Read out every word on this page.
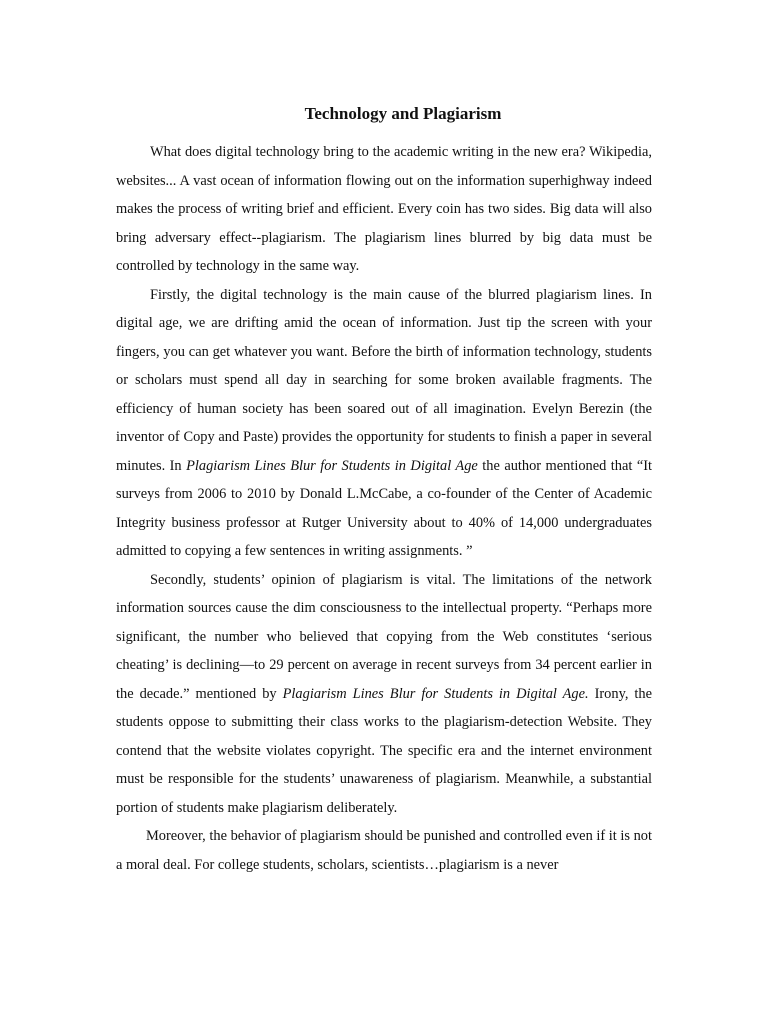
Technology and Plagiarism

What does digital technology bring to the academic writing in the new era? Wikipedia, websites... A vast ocean of information flowing out on the information superhighway indeed makes the process of writing brief and efficient. Every coin has two sides. Big data will also bring adversary effect--plagiarism. The plagiarism lines blurred by big data must be controlled by technology in the same way.

Firstly, the digital technology is the main cause of the blurred plagiarism lines. In digital age, we are drifting amid the ocean of information. Just tip the screen with your fingers, you can get whatever you want. Before the birth of information technology, students or scholars must spend all day in searching for some broken available fragments. The efficiency of human society has been soared out of all imagination. Evelyn Berezin (the inventor of Copy and Paste) provides the opportunity for students to finish a paper in several minutes. In Plagiarism Lines Blur for Students in Digital Age the author mentioned that “It surveys from 2006 to 2010 by Donald L.McCabe, a co-founder of the Center of Academic Integrity business professor at Rutger University about to 40% of 14,000 undergraduates admitted to copying a few sentences in writing assignments. ”

Secondly, students’ opinion of plagiarism is vital. The limitations of the network information sources cause the dim consciousness to the intellectual property. “Perhaps more significant, the number who believed that copying from the Web constitutes ‘serious cheating’ is declining—to 29 percent on average in recent surveys from 34 percent earlier in the decade.” mentioned by Plagiarism Lines Blur for Students in Digital Age. Irony, the students oppose to submitting their class works to the plagiarism-detection Website. They contend that the website violates copyright. The specific era and the internet environment must be responsible for the students’ unawareness of plagiarism. Meanwhile, a substantial portion of students make plagiarism deliberately.

Moreover, the behavior of plagiarism should be punished and controlled even if it is not a moral deal. For college students, scholars, scientists…plagiarism is a never
